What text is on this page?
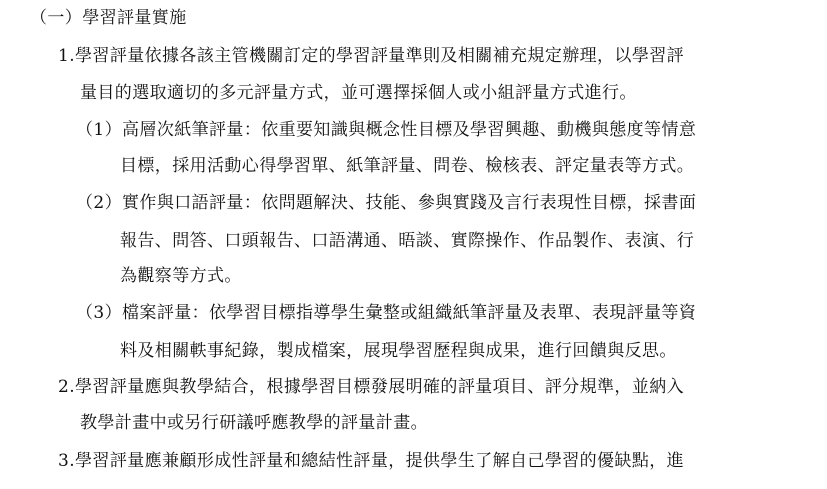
（一）學習評量實施
1.學習評量依據各該主管機關訂定的學習評量準則及相關補充規定辦理，以學習評
量目的選取適切的多元評量方式，並可選擇採個人或小組評量方式進行。
（1）高層次紙筆評量：依重要知識與概念性目標及學習興趣、動機與態度等情意
目標，採用活動心得學習單、紙筆評量、問卷、檢核表、評定量表等方式。
（2）實作與口語評量：依問題解決、技能、參與實踐及言行表現性目標，採書面
報告、問答、口頭報告、口語溝通、晤談、實際操作、作品製作、表演、行
為觀察等方式。
（3）檔案評量：依學習目標指導學生彙整或組織紙筆評量及表單、表現評量等資
料及相關軼事紀錄，製成檔案，展現學習歷程與成果，進行回饋與反思。
2.學習評量應與教學結合，根據學習目標發展明確的評量項目、評分規準，並納入
教學計畫中或另行研議呼應教學的評量計畫。
3.學習評量應兼顧形成性評量和總結性評量，提供學生了解自己學習的優缺點，進
